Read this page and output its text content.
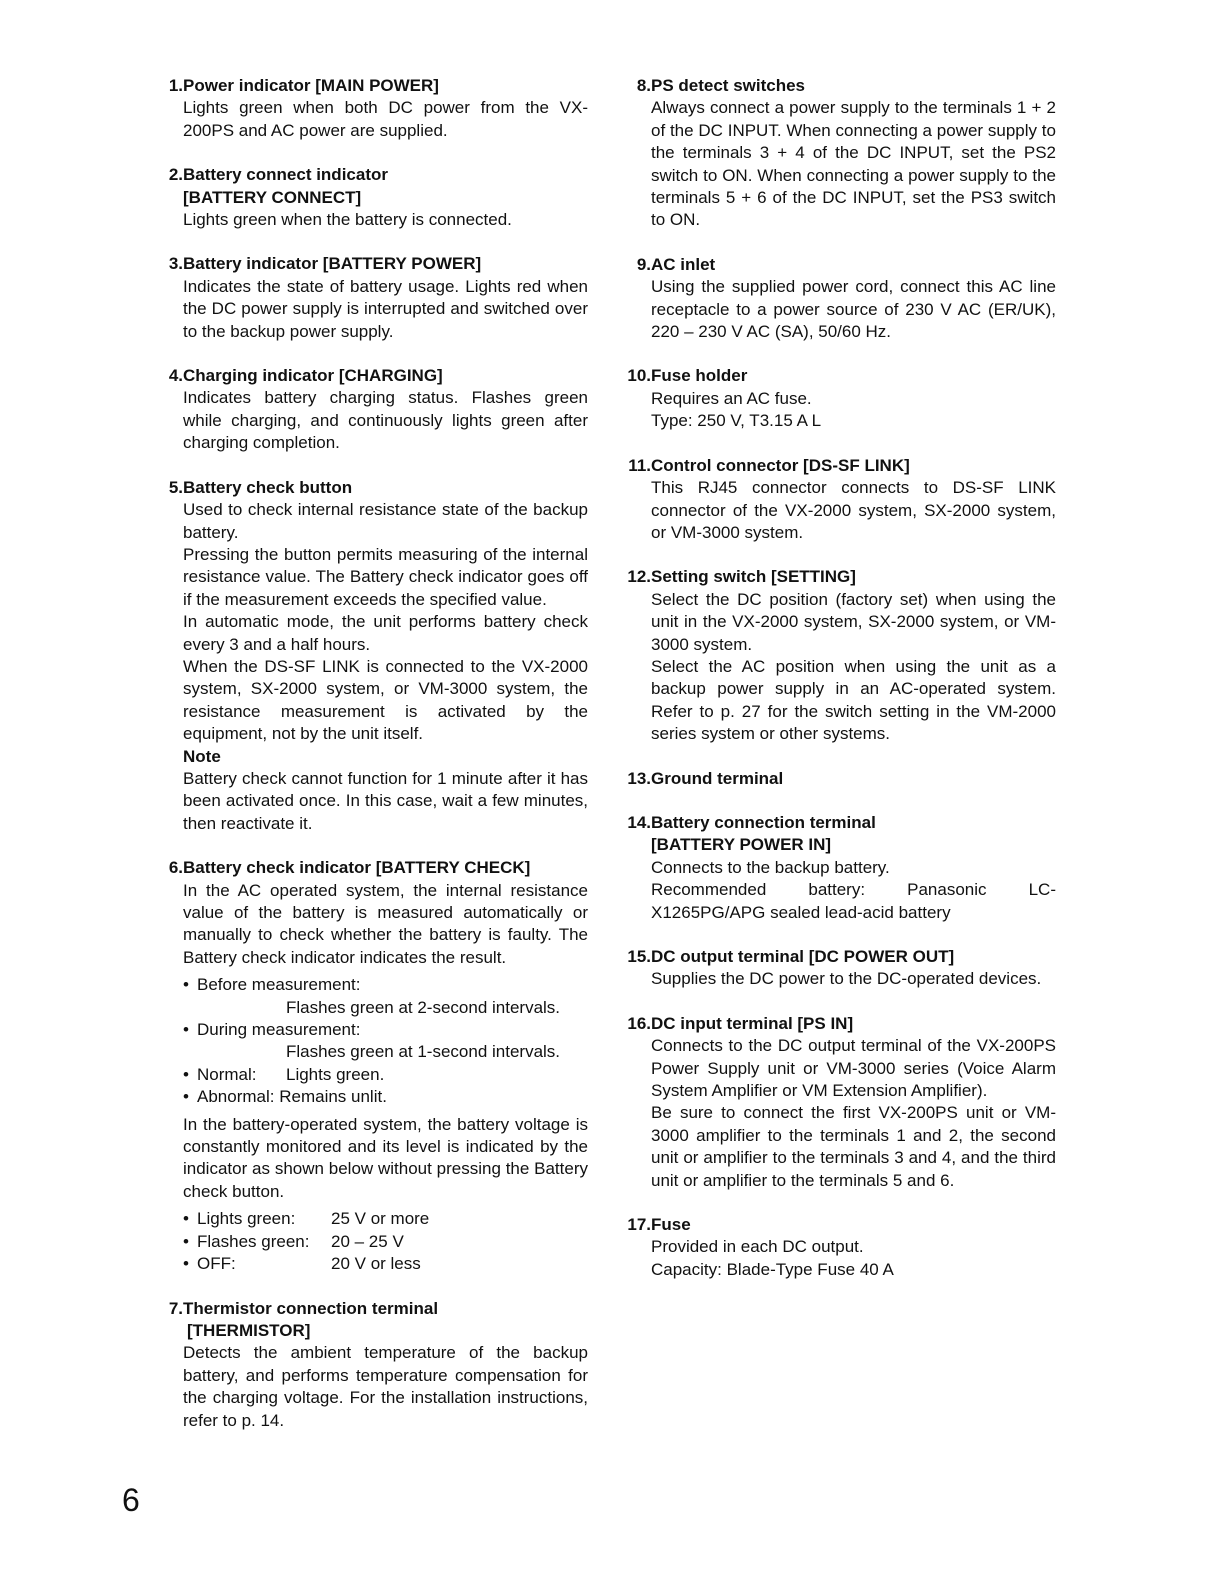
1. Power indicator [MAIN POWER]

Lights green when both DC power from the VX-200PS and AC power are supplied.

2. Battery connect indicator
[BATTERY CONNECT]

Lights green when the battery is connected.

3. Battery indicator [BATTERY POWER]

Indicates the state of battery usage. Lights red when the DC power supply is interrupted and switched over to the backup power supply.

4. Charging indicator [CHARGING]

Indicates battery charging status. Flashes green while charging, and continuously lights green after charging completion.

5. Battery check button

Used to check internal resistance state of the backup battery.

Pressing the button permits measuring of the internal resistance value. The Battery check indicator goes off if the measurement exceeds the specified value.

In automatic mode, the unit performs battery check every 3 and a half hours.

When the DS-SF LINK is connected to the VX-2000 system, SX-2000 system, or VM-3000 system, the resistance measurement is activated by the equipment, not by the unit itself.

Note

Battery check cannot function for 1 minute after it has been activated once. In this case, wait a few minutes, then reactivate it.

6. Battery check indicator [BATTERY CHECK]

In the AC operated system, the internal resistance value of the battery is measured automatically or manually to check whether the battery is faulty. The Battery check indicator indicates the result.

• Before measurement:
Flashes green at 2-second intervals.
• During measurement:
Flashes green at 1-second intervals.
• Normal:	Lights green.
• Abnormal:
Remains unlit.

In the battery-operated system, the battery voltage is constantly monitored and its level is indicated by the indicator as shown below without pressing the Battery check button.

• Lights green:	25 V or more
• Flashes green:	20 – 25 V
• OFF:	20 V or less
7. Thermistor connection terminal
[THERMISTOR]

Detects the ambient temperature of the backup battery, and performs temperature compensation for the charging voltage. For the installation instructions, refer to p. 14.

8. PS detect switches

Always connect a power supply to the terminals 1 + 2 of the DC INPUT. When connecting a power supply to the terminals 3 + 4 of the DC INPUT, set the PS2 switch to ON. When connecting a power supply to the terminals 5 + 6 of the DC INPUT, set the PS3 switch to ON.

9. AC inlet

Using the supplied power cord, connect this AC line receptacle to a power source of 230 V AC (ER/UK), 220 – 230 V AC (SA), 50/60 Hz.

10. Fuse holder

Requires an AC fuse.

Type: 250 V, T3.15 A L

11. Control connector [DS-SF LINK]

This RJ45 connector connects to DS-SF LINK connector of the VX-2000 system, SX-2000 system, or VM-3000 system.

12. Setting switch [SETTING]

Select the DC position (factory set) when using the unit in the VX-2000 system, SX-2000 system, or VM-3000 system.

Select the AC position when using the unit as a backup power supply in an AC-operated system. Refer to p. 27 for the switch setting in the VM-2000 series system or other systems.

13. Ground terminal
14. Battery connection terminal
[BATTERY POWER IN]

Connects to the backup battery.

Recommended battery: Panasonic LC-X1265PG/APG sealed lead-acid battery

15. DC output terminal [DC POWER OUT]

Supplies the DC power to the DC-operated devices.

16. DC input terminal [PS IN]

Connects to the DC output terminal of the VX-200PS Power Supply unit or VM-3000 series (Voice Alarm System Amplifier or VM Extension Amplifier).

Be sure to connect the first VX-200PS unit or VM-3000 amplifier to the terminals 1 and 2, the second unit or amplifier to the terminals 3 and 4, and the third unit or amplifier to the terminals 5 and 6.

17. Fuse

Provided in each DC output.

Capacity: Blade-Type Fuse 40 A

6
